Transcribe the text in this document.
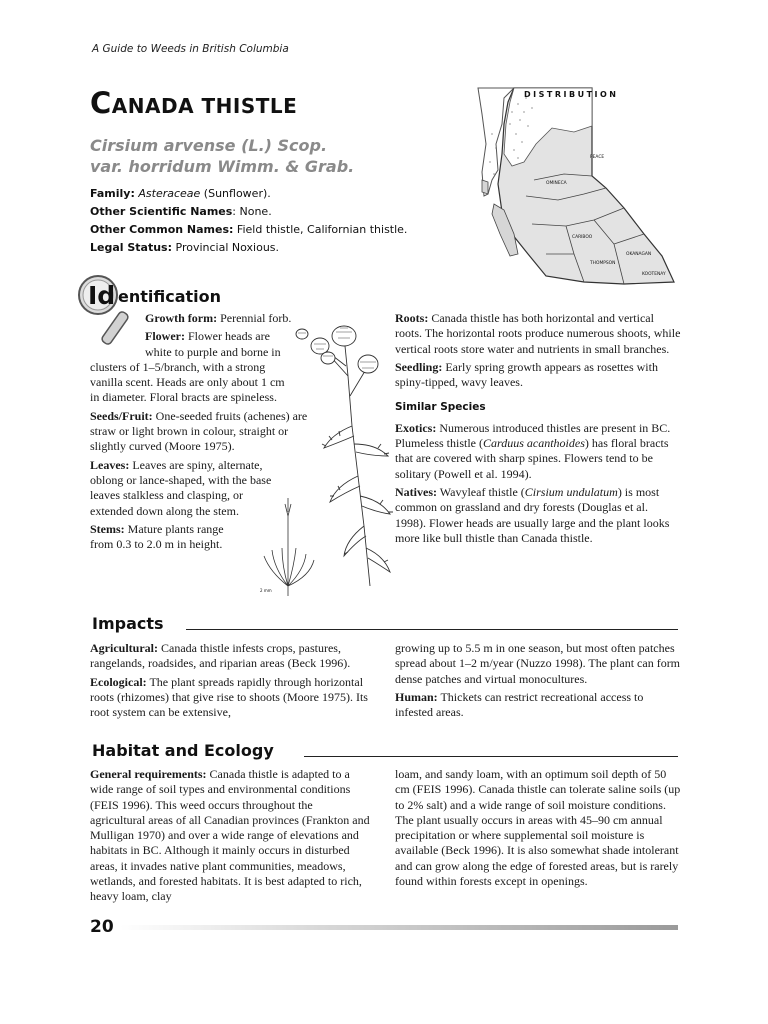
A Guide to Weeds in British Columbia
CANADA THISTLE
Cirsium arvense (L.) Scop.
var. horridum Wimm. & Grab.
Family: Asteraceae (Sunflower).
Other Scientific Names: None.
Other Common Names: Field thistle, Californian thistle.
Legal Status: Provincial Noxious.
PEACE
OMINECA
CARIBOO
THOMPSON
OKANAGAN
KOOTENAY
DISTRIBUTION
Id entification
2 mm

Growth form: Perennial forb.

Flower: Flower heads are
white to purple and borne in
clusters of 1–5/branch, with a strong vanilla scent. Heads are only about 1 cm in diameter. Floral bracts are spineless.

Seeds/Fruit: One-seeded fruits (achenes) are straw or light brown in colour, straight or slightly curved (Moore 1975).

Leaves: Leaves are spiny, alternate, oblong or lance-shaped, with the base leaves stalkless and clasping, or extended down along the stem.

Stems: Mature plants range from 0.3 to 2.0 m in height.

Roots: Canada thistle has both horizontal and vertical roots. The horizontal roots produce numerous shoots, while vertical roots store water and nutrients in small branches.

Seedling: Early spring growth appears as rosettes with spiny-tipped, wavy leaves.

Similar Species

Exotics: Numerous introduced thistles are present in BC. Plumeless thistle (Carduus acanthoides) has floral bracts that are covered with sharp spines. Flowers tend to be solitary (Powell et al. 1994).

Natives: Wavyleaf thistle (Cirsium undulatum) is most common on grassland and dry forests (Douglas et al. 1998). Flower heads are usually large and the plant looks more like bull thistle than Canada thistle.

Impacts

Agricultural: Canada thistle infests crops, pastures, rangelands, roadsides, and riparian areas (Beck 1996).

Ecological: The plant spreads rapidly through horizontal roots (rhizomes) that give rise to shoots (Moore 1975). Its root system can be extensive,

growing up to 5.5 m in one season, but most often patches spread about 1–2 m/year (Nuzzo 1998). The plant can form dense patches and virtual monocultures.

Human: Thickets can restrict recreational access to infested areas.

Habitat and Ecology

General requirements: Canada thistle is adapted to a wide range of soil types and environmental conditions (FEIS 1996). This weed occurs throughout the agricultural areas of all Canadian provinces (Frankton and Mulligan 1970) and over a wide range of elevations and habitats in BC. Although it mainly occurs in disturbed areas, it invades native plant communities, meadows, wetlands, and forested habitats. It is best adapted to rich, heavy loam, clay

loam, and sandy loam, with an optimum soil depth of 50 cm (FEIS 1996). Canada thistle can tolerate saline soils (up to 2% salt) and a wide range of soil moisture conditions. The plant usually occurs in areas with 45–90 cm annual precipitation or where supplemental soil moisture is available (Beck 1996). It is also somewhat shade intolerant and can grow along the edge of forested areas, but is rarely found within forests except in openings.

20
